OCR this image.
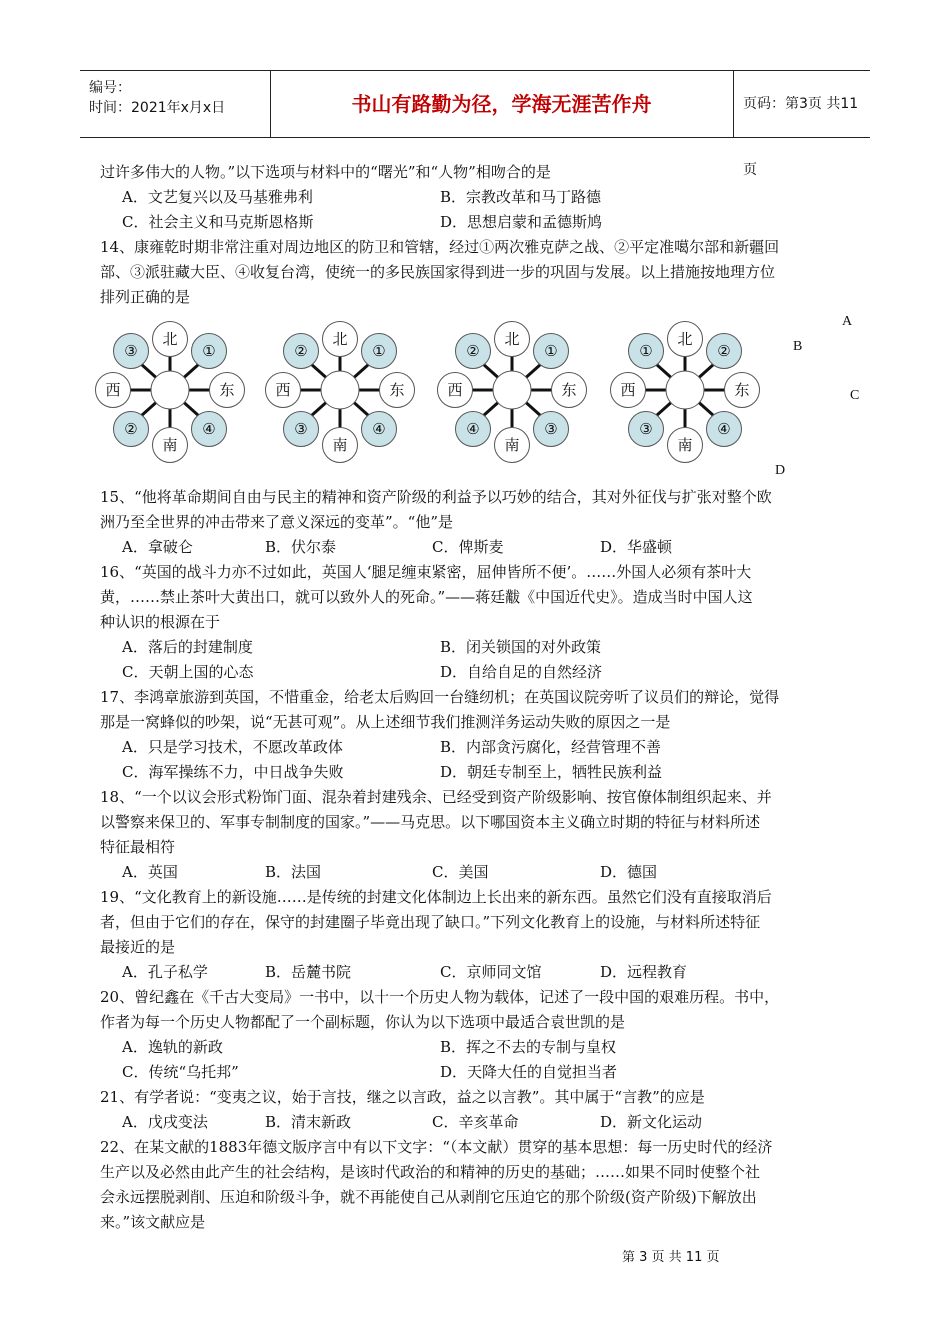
编号：
时间：2021年x月x日	书山有路勤为径，学海无涯苦作舟	页码：第3页 共11页
过许多伟大的人物。”以下选项与材料中的“曙光”和“人物”相吻合的是
A．文艺复兴以及马基雅弗利	B．宗教改革和马丁路德
C．社会主义和马克斯恩格斯	D．思想启蒙和孟德斯鸠
14、康雍乾时期非常注重对周边地区的防卫和管辖，经过①两次雅克萨之战、②平定准噶尔部和新疆回
部、③派驻藏大臣、④收复台湾，使统一的多民族国家得到进一步的巩固与发展。以上措施按地理方位
排列正确的是
北
南
西	东
③	①
②	④
北
南
西	东
②	①
③	④
北
南
西	东
②	①
④	③
北
南
西	东
①	②
③	④
A
B
C
D
15、“他将革命期间自由与民主的精神和资产阶级的利益予以巧妙的结合，其对外征伐与扩张对整个欧
洲乃至全世界的冲击带来了意义深远的变革”。“他”是
A．拿破仑	B．伏尔泰	C．俾斯麦	D．华盛顿
16、“英国的战斗力亦不过如此，英国人‘腿足缠束紧密，屈伸皆所不便’。……外国人必须有茶叶大
黄，……禁止茶叶大黄出口，就可以致外人的死命。”——蒋廷黻《中国近代史》。造成当时中国人这
种认识的根源在于
A．落后的封建制度	B．闭关锁国的对外政策
C．天朝上国的心态	D．自给自足的自然经济
17、李鸿章旅游到英国，不惜重金，给老太后购回一台缝纫机；在英国议院旁听了议员们的辩论，觉得
那是一窝蜂似的吵架，说“无甚可观”。从上述细节我们推测洋务运动失败的原因之一是
A．只是学习技术，不愿改革政体	B．内部贪污腐化，经营管理不善
C．海军操练不力，中日战争失败	D．朝廷专制至上，牺牲民族利益
18、“一个以议会形式粉饰门面、混杂着封建残余、已经受到资产阶级影响、按官僚体制组织起来、并
以警察来保卫的、军事专制制度的国家。”——马克思。以下哪国资本主义确立时期的特征与材料所述
特征最相符
A．英国	B．法国	C．美国	D．德国
19、“文化教育上的新设施……是传统的封建文化体制边上长出来的新东西。虽然它们没有直接取消后
者，但由于它们的存在，保守的封建圈子毕竟出现了缺口。”下列文化教育上的设施，与材料所述特征
最接近的是
A．孔子私学	B．岳麓书院	C．京师同文馆	D．远程教育
20、曾纪鑫在《千古大变局》一书中，以十一个历史人物为载体，记述了一段中国的艰难历程。书中，
作者为每一个历史人物都配了一个副标题，你认为以下选项中最适合袁世凯的是
A．逸轨的新政	B．挥之不去的专制与皇权
C．传统“乌托邦”	D．天降大任的自觉担当者
21、有学者说：“变夷之议，始于言技，继之以言政，益之以言教”。其中属于“言教”的应是
A．戊戌变法	B．清末新政	C．辛亥革命	D．新文化运动
22、在某文献的1883年德文版序言中有以下文字：“（本文献）贯穿的基本思想：每一历史时代的经济
生产以及必然由此产生的社会结构，是该时代政治的和精神的历史的基础；……如果不同时使整个社
会永远摆脱剥削、压迫和阶级斗争，就不再能使自己从剥削它压迫它的那个阶级(资产阶级)下解放出
来。”该文献应是
第 3 页 共 11 页
